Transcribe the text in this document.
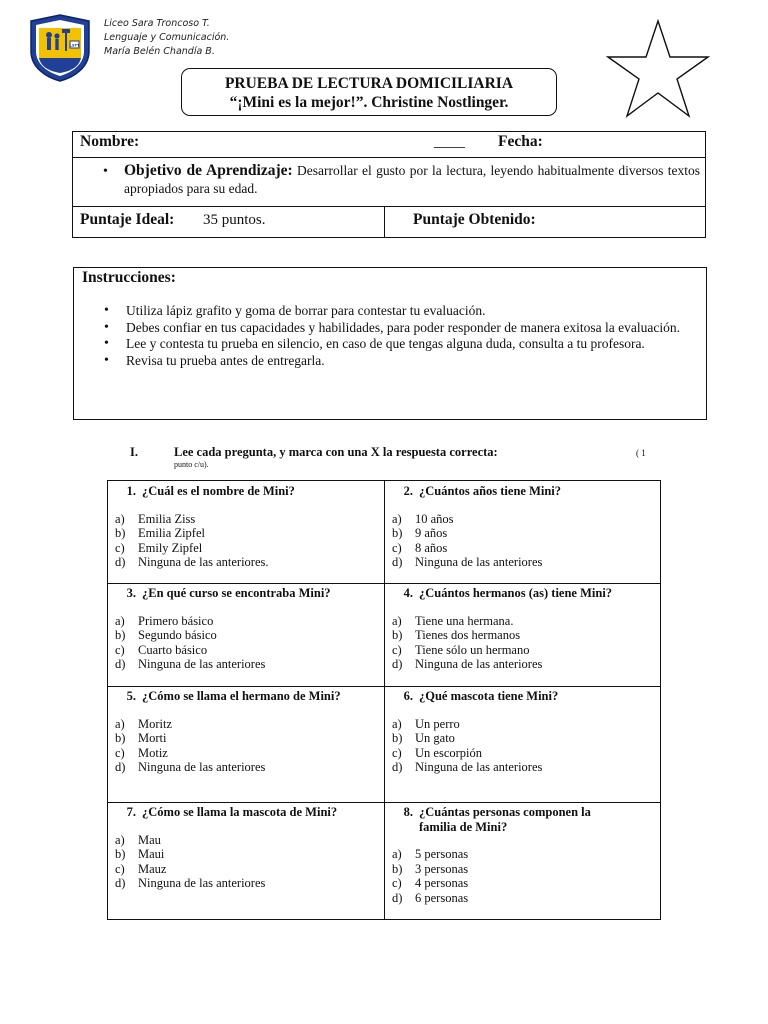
LSTT
Liceo Sara Troncoso T.
Lenguaje y Comunicación.
María Belén Chandía B.
PRUEBA DE LECTURA DOMICILIARIA
“¡Mini es la mejor!”. Christine Nostlinger.
Nombre:	____ Fecha:
• Objetivo de Aprendizaje: Desarrollar el gusto por la lectura, leyendo habitualmente diversos textos apropiados para su edad.
Puntaje Ideal: 35 puntos.	Puntaje Obtenido:
Instrucciones:
• Utiliza lápiz grafito y goma de borrar para contestar tu evaluación.
• Debes confiar en tus capacidades y habilidades, para poder responder de manera exitosa la evaluación.
• Lee y contesta tu prueba en silencio, en caso de que tengas alguna duda, consulta a tu profesora.
• Revisa tu prueba antes de entregarla.
I.	Lee cada pregunta, y marca con una X la respuesta correcta:	( 1
punto c/u).
1. ¿Cuál es el nombre de Mini?
a)	Emilia Ziss
b)	Emilia Zipfel
c)	Emily Zipfel
d)	Ninguna de las anteriores.
2. ¿Cuántos años tiene Mini?
a)	10 años
b)	9 años
c)	8 años
d)	Ninguna de las anteriores
3. ¿En qué curso se encontraba Mini?
a)	Primero básico
b)	Segundo básico
c)	Cuarto básico
d)	Ninguna de las anteriores
4. ¿Cuántos hermanos (as) tiene Mini?
a)	Tiene una hermana.
b)	Tienes dos hermanos
c)	Tiene sólo un hermano
d)	Ninguna de las anteriores
5. ¿Cómo se llama el hermano de Mini?
a)	Moritz
b)	Morti
c)	Motiz
d)	Ninguna de las anteriores
6. ¿Qué mascota tiene Mini?
a)	Un perro
b)	Un gato
c)	Un escorpión
d)	Ninguna de las anteriores
7. ¿Cómo se llama la mascota de Mini?
a)	Mau
b)	Maui
c)	Mauz
d)	Ninguna de las anteriores
8. ¿Cuántas personas componen la familia de Mini?
a)	5 personas
b)	3 personas
c)	4 personas
d)	6 personas
